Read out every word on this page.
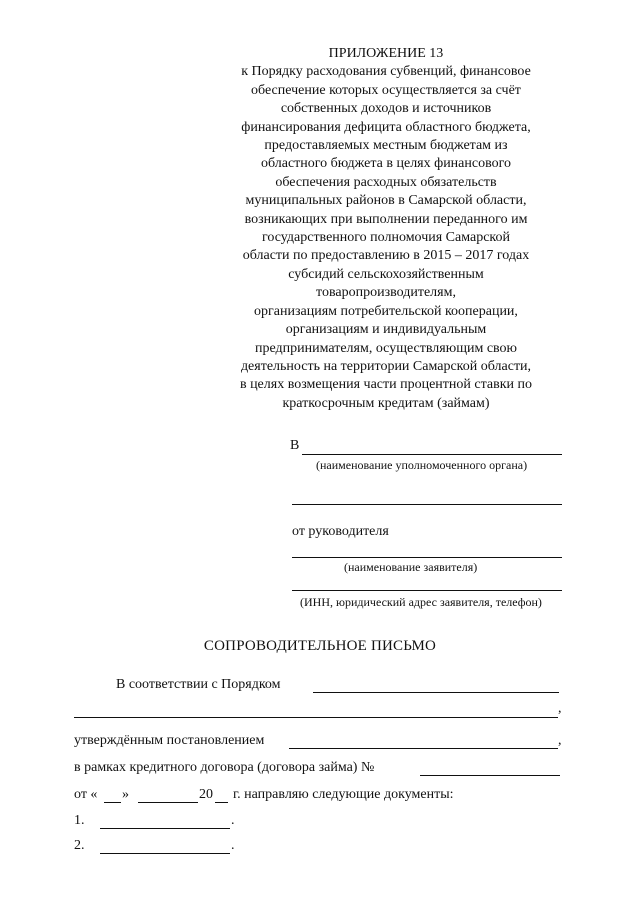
ПРИЛОЖЕНИЕ 13
к Порядку расходования субвенций, финансовое
обеспечение которых осуществляется за счёт
собственных доходов и источников
финансирования дефицита областного бюджета,
предоставляемых местным бюджетам из
областного бюджета в целях финансового
обеспечения расходных обязательств
муниципальных районов в Самарской области,
возникающих при выполнении переданного им
государственного полномочия Самарской
области по предоставлению в 2015 – 2017 годах
субсидий сельскохозяйственным
товаропроизводителям,
организациям потребительской кооперации,
организациям и индивидуальным
предпринимателям, осуществляющим свою
деятельность на территории Самарской области,
в целях возмещения части процентной ставки по
краткосрочным кредитам (займам)
В
(наименование уполномоченного органа)
от руководителя
(наименование заявителя)
(ИНН, юридический адрес заявителя, телефон)
СОПРОВОДИТЕЛЬНОЕ ПИСЬМО
В соответствии с Порядком
,
утверждённым постановлением	,
в рамках кредитного договора (договора займа) №
от « »	20 г. направляю следующие документы:
1.	.
2.	.
